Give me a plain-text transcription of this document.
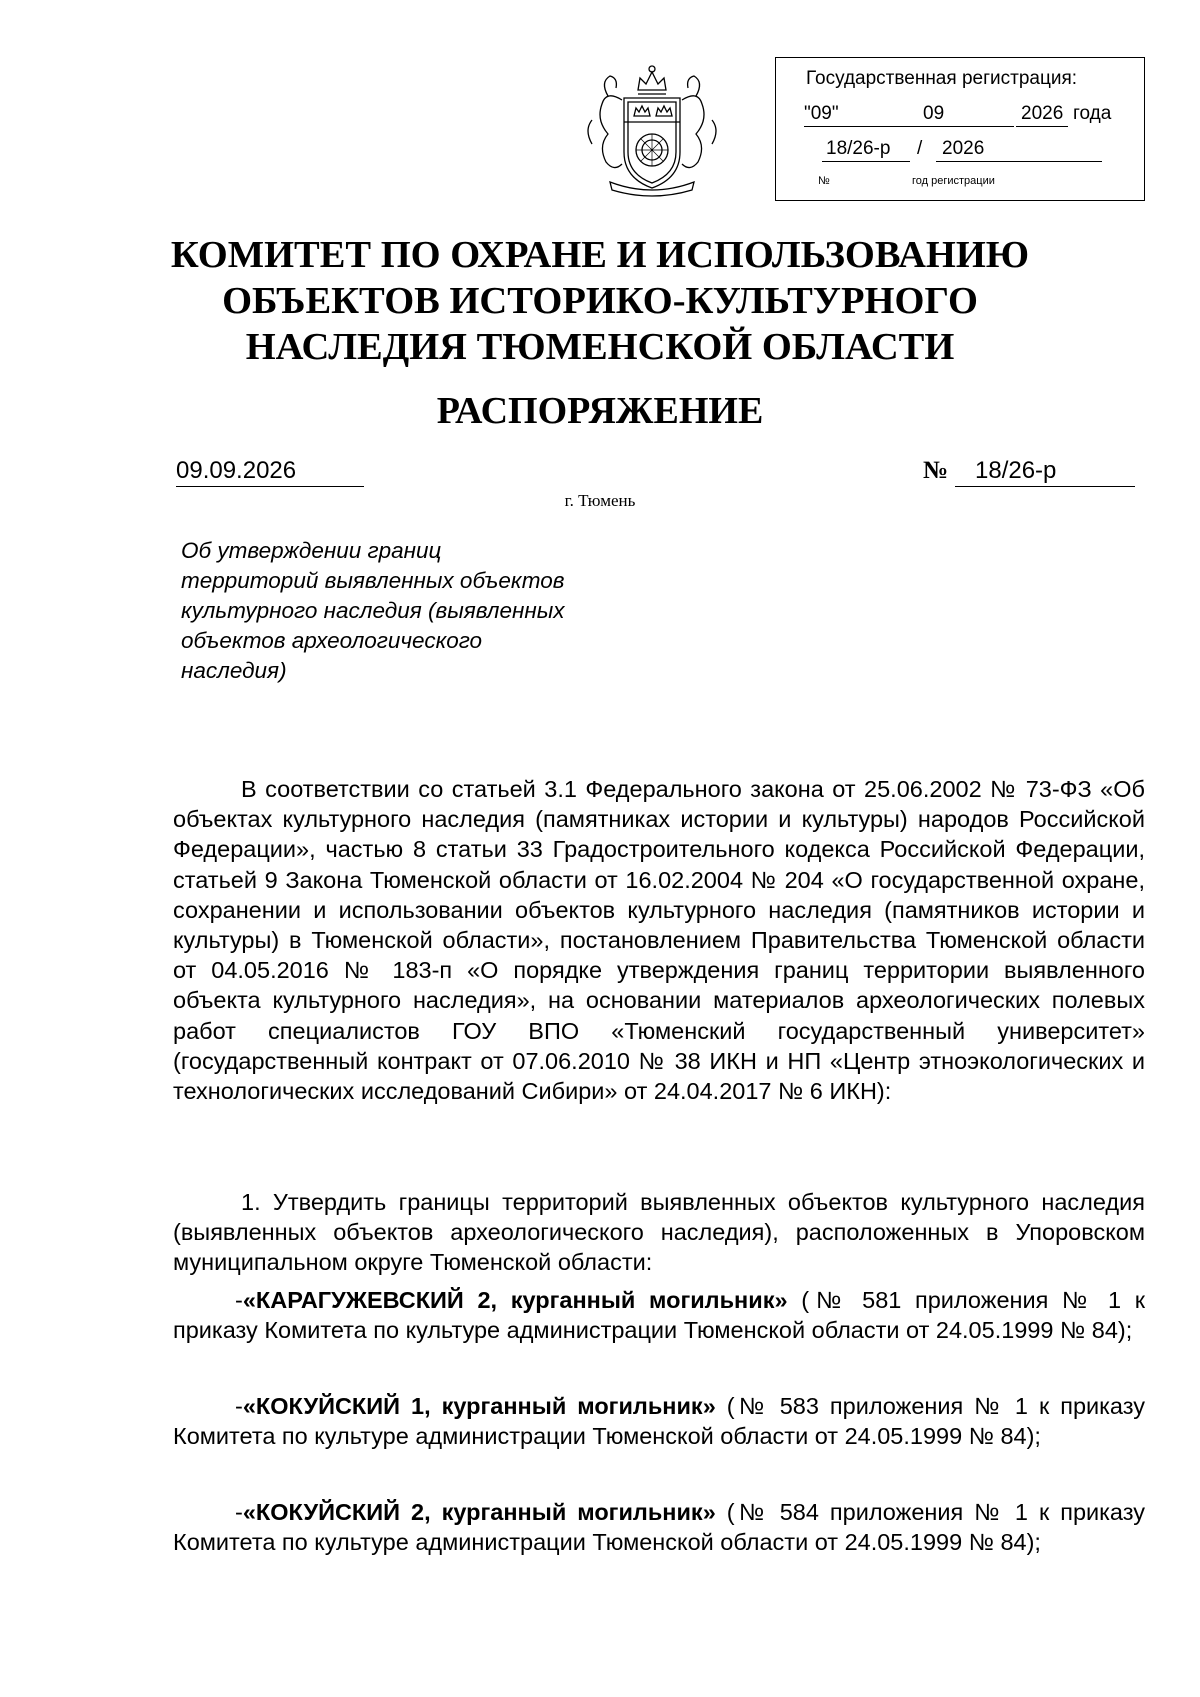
Государственная регистрация:
"09"	09	2026 года
18/26-р / 2026
№	год регистрации
КОМИТЕТ ПО ОХРАНЕ И ИСПОЛЬЗОВАНИЮ
ОБЪЕКТОВ ИСТОРИКО-КУЛЬТУРНОГО
НАСЛЕДИЯ ТЮМЕНСКОЙ ОБЛАСТИ
РАСПОРЯЖЕНИЕ
09.09.2026	№	18/26-р
г. Тюмень
Об утверждении границ
территорий выявленных объектов
культурного наследия (выявленных
объектов археологического
наследия)

В соответствии со статьей 3.1 Федерального закона от 25.06.2002 № 73-ФЗ «Об объектах культурного наследия (памятниках истории и культуры) народов Российской Федерации», частью 8 статьи 33 Градостроительного кодекса Российской Федерации, статьей 9 Закона Тюменской области от 16.02.2004 № 204 «О государственной охране, сохранении и использовании объектов культурного наследия (памятников истории и культуры) в Тюменской области», постановлением Правительства Тюменской области от 04.05.2016 № 183-п «О порядке утверждения границ территории выявленного объекта культурного наследия», на основании материалов археологических полевых работ специалистов ГОУ ВПО «Тюменский государственный университет» (государственный контракт от 07.06.2010 № 38 ИКН и НП «Центр этноэкологических и технологических исследований Сибири» от 24.04.2017 № 6 ИКН):

1. Утвердить границы территорий выявленных объектов культурного наследия (выявленных объектов археологического наследия), расположенных в Упоровском муниципальном округе Тюменской области:

-«КАРАГУЖЕВСКИЙ 2, курганный могильник» (№ 581 приложения № 1 к приказу Комитета по культуре администрации Тюменской области от 24.05.1999 № 84);

-«КОКУЙСКИЙ 1, курганный могильник» (№ 583 приложения № 1 к приказу Комитета по культуре администрации Тюменской области от 24.05.1999 № 84);

-«КОКУЙСКИЙ 2, курганный могильник» (№ 584 приложения № 1 к приказу Комитета по культуре администрации Тюменской области от 24.05.1999 № 84);
